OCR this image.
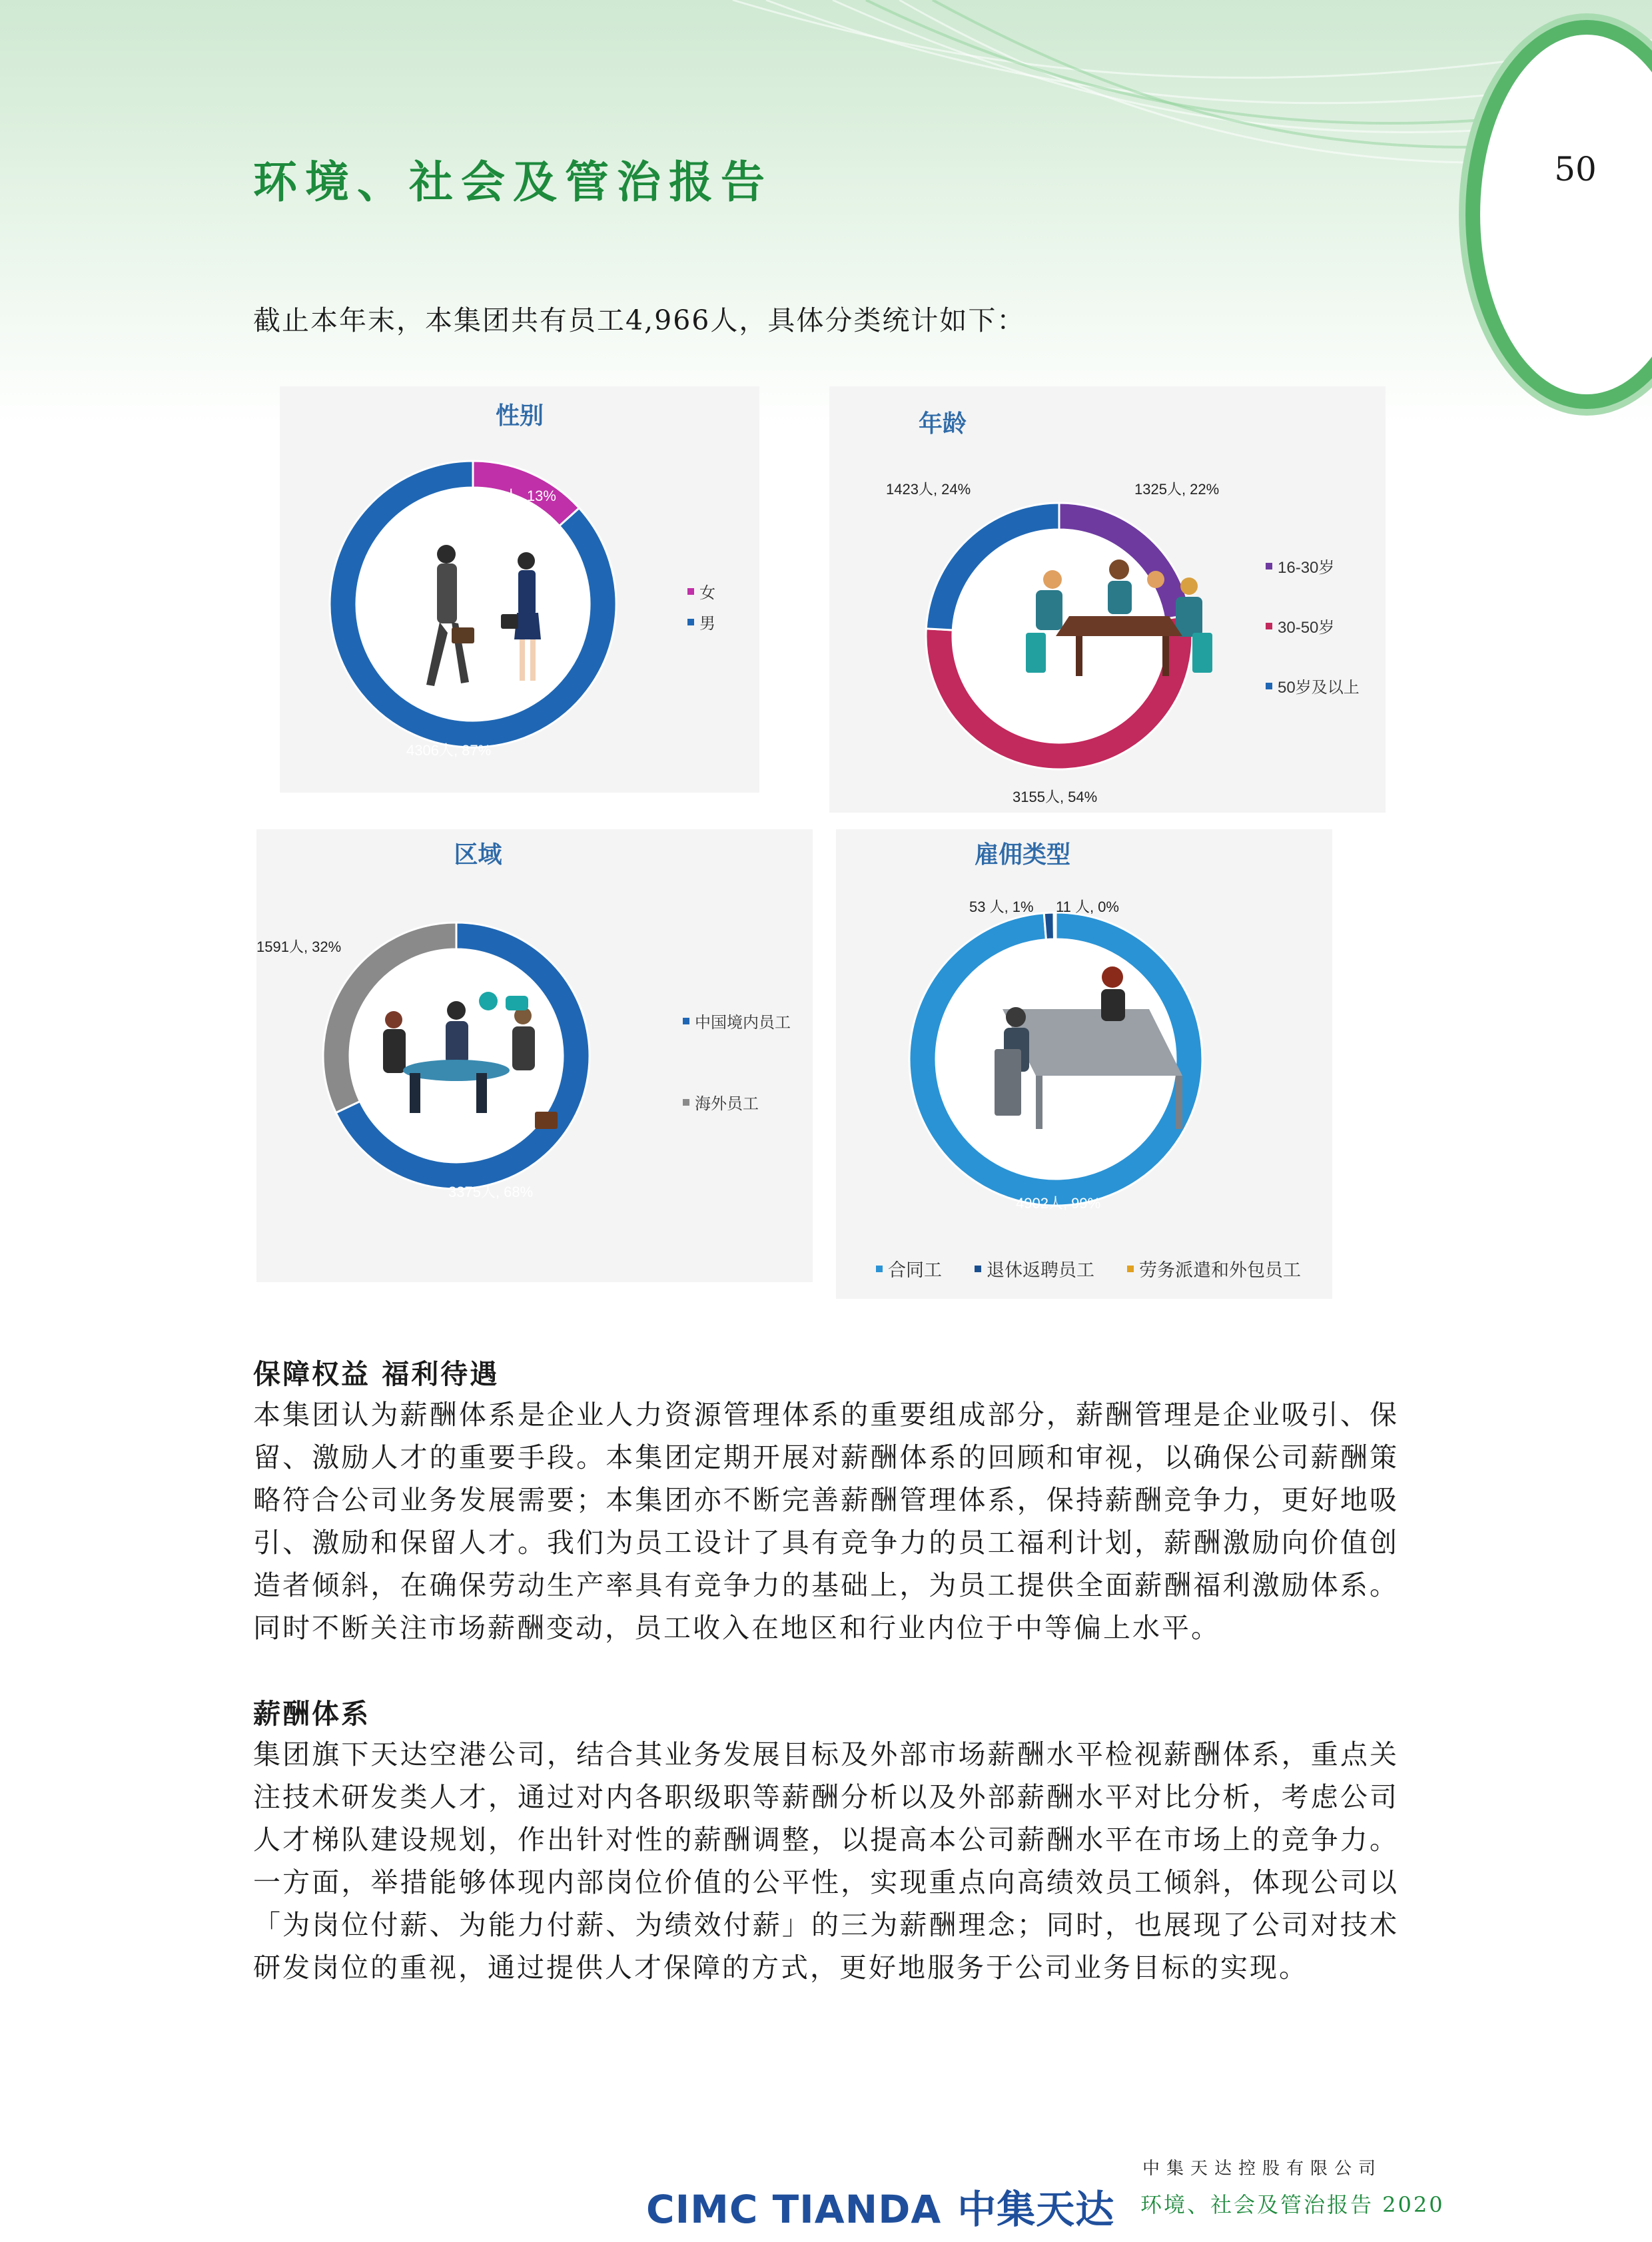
50
环境、社会及管治报告
截止本年末，本集团共有员工4,966人，具体分类统计如下：
性别
660人, 13%
4306人, 87%
女
男
年龄
1423人, 24%	1325人, 22%
3155人, 54%
16-30岁
30-50岁
50岁及以上
区域
1591人, 32%
3375人, 68%
中国境内员工
海外员工
雇佣类型
53 人, 1% 11 人, 0%
4902人, 99%
合同工 退休返聘员工 劳务派遣和外包员工
保障权益 福利待遇
本集团认为薪酬体系是企业人力资源管理体系的重要组成部分，薪酬管理是企业吸引、保留、激励人才的重要手段。本集团定期开展对薪酬体系的回顾和审视，以确保公司薪酬策略符合公司业务发展需要；本集团亦不断完善薪酬管理体系，保持薪酬竞争力，更好地吸引、激励和保留人才。我们为员工设计了具有竞争力的员工福利计划，薪酬激励向价值创造者倾斜，在确保劳动生产率具有竞争力的基础上，为员工提供全面薪酬福利激励体系。同时不断关注市场薪酬变动，员工收入在地区和行业内位于中等偏上水平。
薪酬体系
集团旗下天达空港公司，结合其业务发展目标及外部市场薪酬水平检视薪酬体系，重点关注技术研发类人才，通过对内各职级职等薪酬分析以及外部薪酬水平对比分析，考虑公司人才梯队建设规划，作出针对性的薪酬调整，以提高本公司薪酬水平在市场上的竞争力。一方面，举措能够体现内部岗位价值的公平性，实现重点向高绩效员工倾斜，体现公司以「为岗位付薪、为能力付薪、为绩效付薪」的三为薪酬理念；同时，也展现了公司对技术研发岗位的重视，通过提供人才保障的方式，更好地服务于公司业务目标的实现。
CIMC TIANDA 中集天达
中集天达控股有限公司
环境、社会及管治报告 2020
